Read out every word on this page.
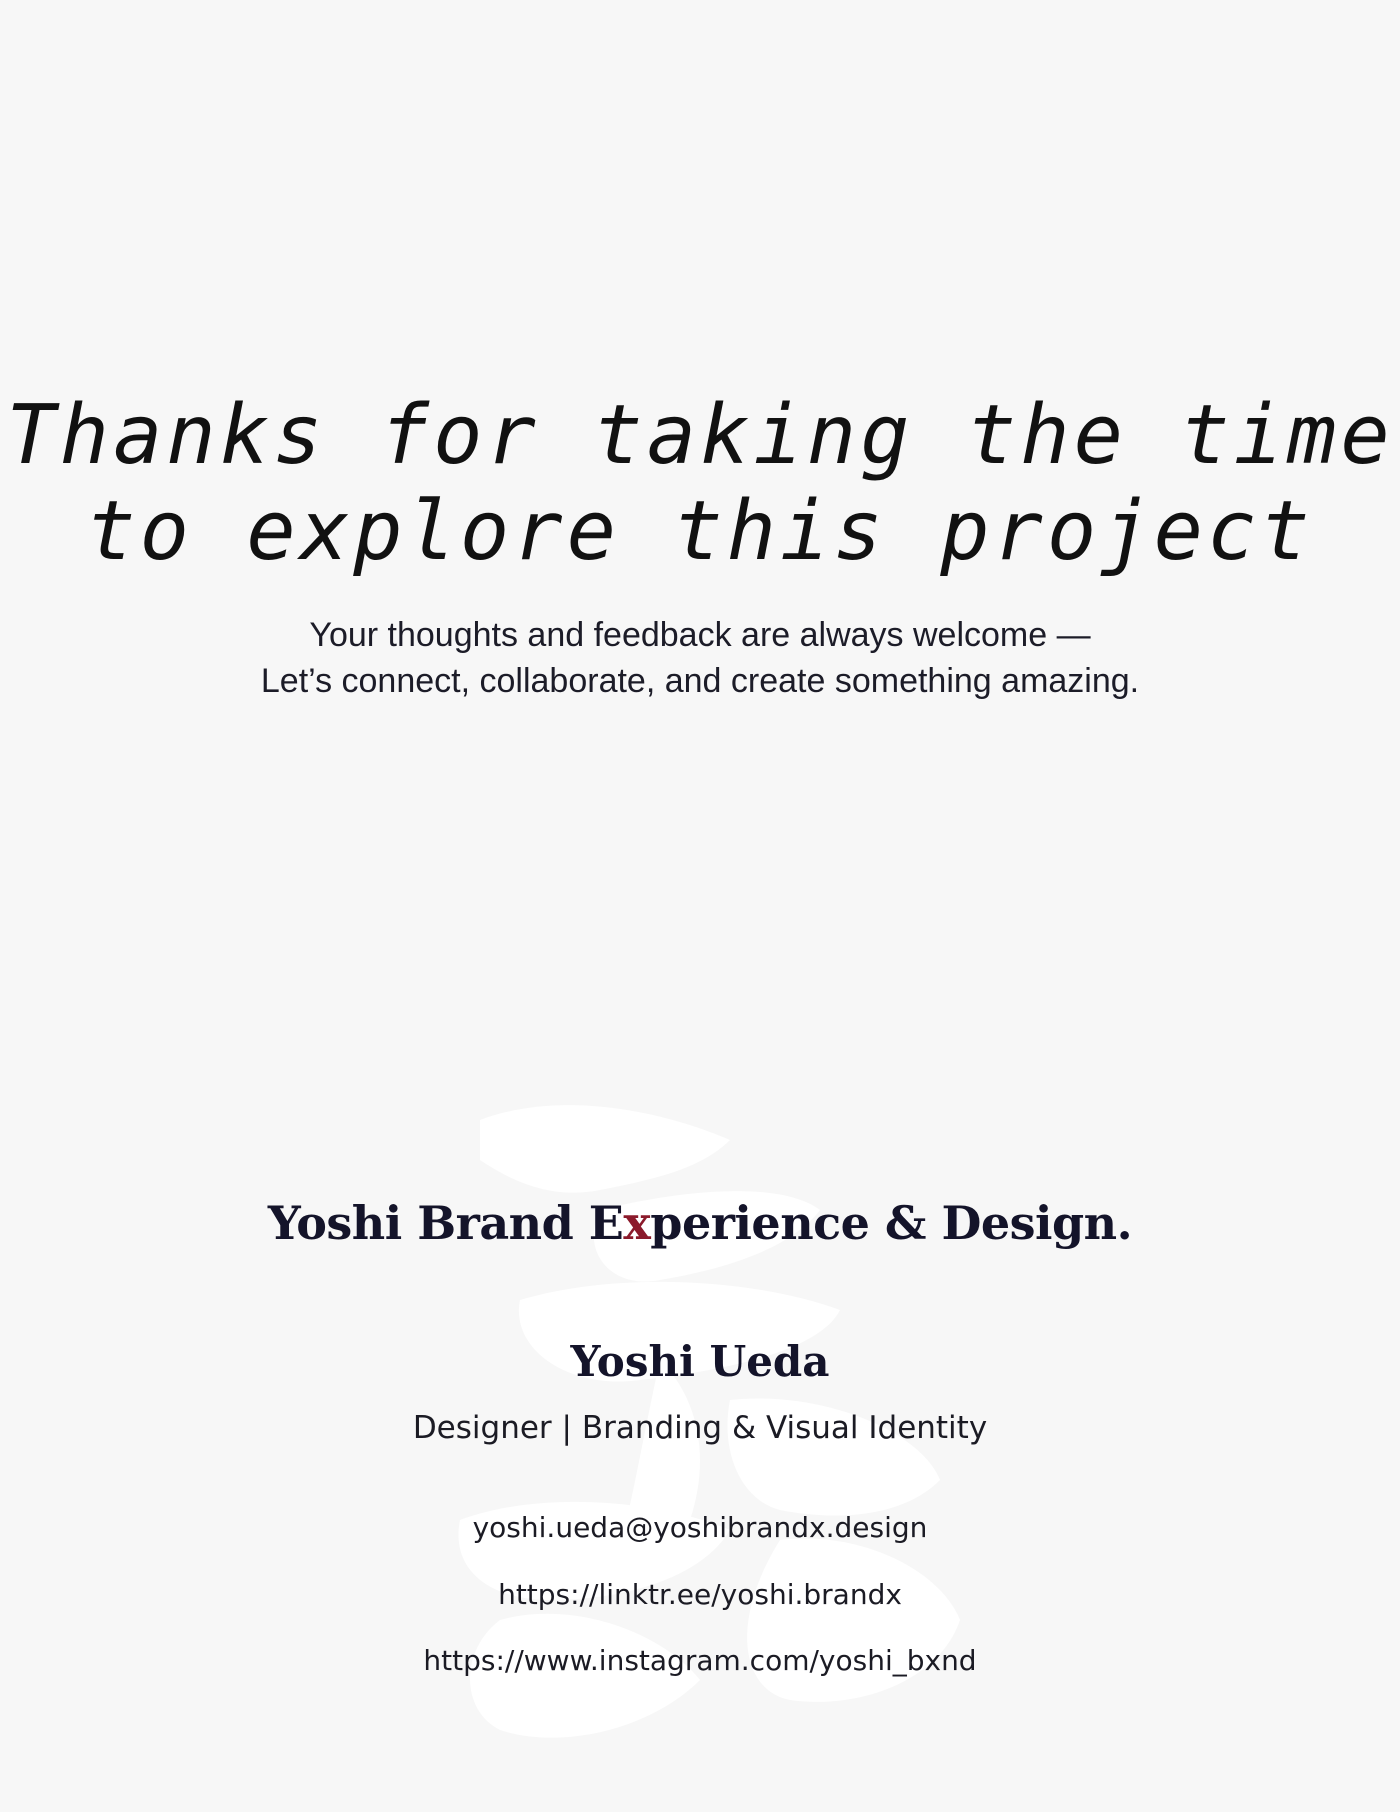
Thanks for taking the time
to explore this project

Your thoughts and feedback are always welcome —
Let’s connect, collaborate, and create something amazing.

Yoshi Brand Experience & Design.
Yoshi Ueda

Designer | Branding & Visual Identity

yoshi.ueda@yoshibrandx.design

https://linktr.ee/yoshi.brandx

https://www.instagram.com/yoshi_bxnd
